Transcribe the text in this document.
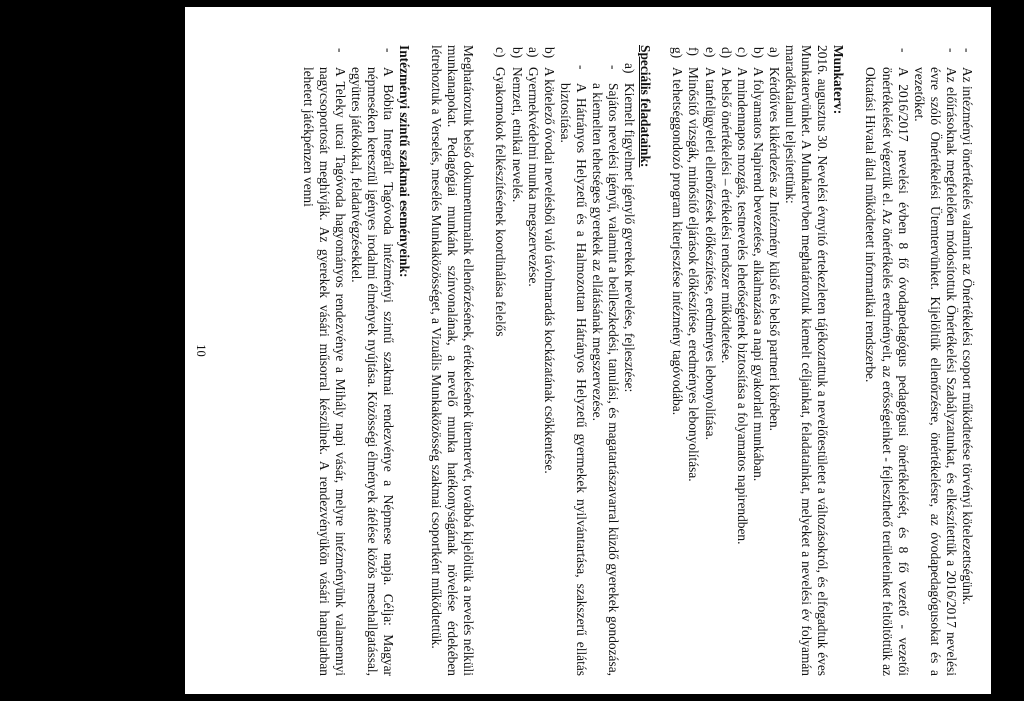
- Az intézményi önértékelés valamint az Önértékelési csoport működtetése törvényi kötelezettségünk.
- Az előírásoknak megfelelően módosítottuk Önértékelési Szabályzatunkat, és elkészítettük a 2016/2017 nevelési évre szóló Önértékelési Ütemtervünket. Kijelöltük ellenőrzésre, önértékelésre, az óvodapedagógusokat és a vezetőket.
- A 2016/2017 nevelési évben 8 fő óvodapedagógus pedagógusi önértékelését, és 8 fő vezető - vezetői önértékelését végeztük el. Az önértékelés eredményeit, az erősségeinket - fejleszthető területeinket feltöltöttük az Oktatási Hivatal által működtetett informatikai rendszerbe.

Munkaterv:

2016. augusztus 30. Nevelési évnyitó értekezleten tájékoztattuk a nevelőtestületet a változásokról, és elfogadtuk éves Munkatervünket. A Munkatervben meghatároztuk kiemelt céljainkat, feladatainkat, melyeket a nevelési év folyamán maradéktalanul teljesítettünk:

a)
Kérdőíves kikérdezés az Intézmény külső és belső partneri körében.
b)
A folyamatos Napirend bevezetése, alkalmazása a napi gyakorlati munkában.
c)
A mindennapos mozgás, testnevelés lehetőségének biztosítása a folyamatos napirendben.
d)
A belső önértékelési – értékelési rendszer működtetése.
e)
A tanfelügyeleti ellenőrzések előkészítése, eredményes lebonyolítása.
f)
Minősítő vizsgák, minősítő eljárások előkészítése, eredményes lebonyolítása.
g)
A tehetséggondozó program kiterjesztése intézmény tagóvodába.

Speciális feladataink:

a)
Kiemelt figyelmet igénylő gyerekek nevelése, fejlesztése:
- Sajátos nevelési igényű, valamint a beilleszkedési, tanulási, és magatartászavarral küzdő gyerekek gondozása, a kiemelten tehetséges gyerekek az ellátásának megszervezése.
- A Hátrányos Helyzetű és a Halmozottan Hátrányos Helyzetű gyermekek nyilvántartása, szakszerű ellátás biztosítása.
b)
A kötelező óvodai nevelésből való távolmaradás kockázatának csökkentése.
a)
Gyermekvédelmi munka megszervezése.
b)
Nemzeti, etnikai nevelés.
c)
Gyakornokok felkészítésének koordinálása felelős

Meghatároztuk belső dokumentumaink ellenőrzésének, értékelésének ütemtervét, továbbá kijelöltük a nevelés nélküli munkanapokat. Pedagógiai munkánk színvonalának, a nevelő munka hatékonyságának növelése érdekében létrehoztuk a Verselés, mesélés Munkaközösséget, a Vizuális Munkaközösség szakmai csoportként működtettük.

Intézményi szintű szakmai eseményeink:

- A Bóbita Integrált Tagóvoda intézményi szintű szakmai rendezvénye a Népmese napja. Célja: Magyar népmeséken keresztül igényes irodalmi élmények nyújtása. Közösségi élmények átélése közös mesehallgatással, együttes játékokkal, feladatvégzésekkel.
- A Teleky utcai Tagóvoda hagyományos rendezvénye a Mihály napi vásár, melyre intézményünk valamennyi nagycsoportosát meghívják. Az gyerekek vásári műsorral készülnek. A rendezvényükön vásári hangulatban lehetett játékpénzen venni
10
